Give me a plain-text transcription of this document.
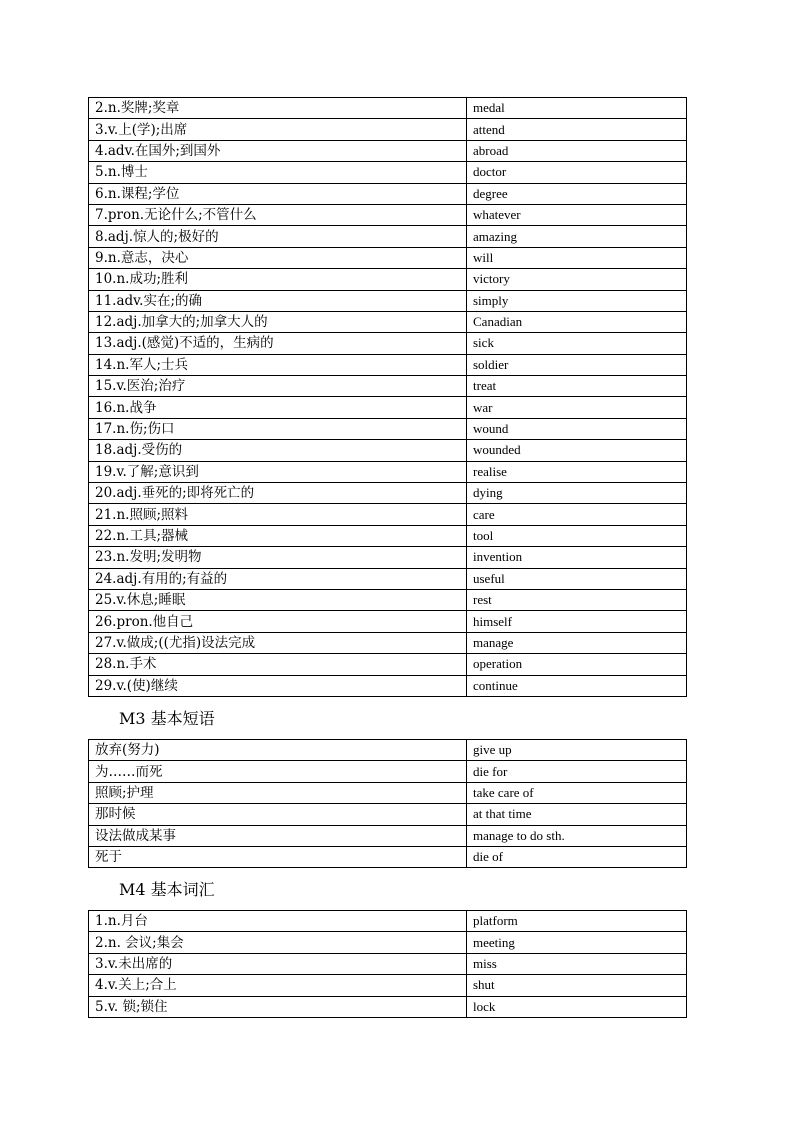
2.n.奖牌;奖章	medal
3.v.上(学);出席	attend
4.adv.在国外;到国外	abroad
5.n.博士	doctor
6.n.课程;学位	degree
7.pron.无论什么;不管什么	whatever
8.adj.惊人的;极好的	amazing
9.n.意志，决心	will
10.n.成功;胜利	victory
11.adv.实在;的确	simply
12.adj.加拿大的;加拿大人的	Canadian
13.adj.(感觉)不适的，生病的	sick
14.n.军人;士兵	soldier
15.v.医治;治疗	treat
16.n.战争	war
17.n.伤;伤口	wound
18.adj.受伤的	wounded
19.v.了解;意识到	realise
20.adj.垂死的;即将死亡的	dying
21.n.照顾;照料	care
22.n.工具;器械	tool
23.n.发明;发明物	invention
24.adj.有用的;有益的	useful
25.v.休息;睡眠	rest
26.pron.他自己	himself
27.v.做成;((尤指)设法完成	manage
28.n.手术	operation
29.v.(使)继续	continue
M3 基本短语
放弃(努力)	give up
为……而死	die for
照顾;护理	take care of
那时候	at that time
设法做成某事	manage to do sth.
死于	die of
M4 基本词汇
1.n.月台	platform
2.n. 会议;集会	meeting
3.v.未出席的	miss
4.v.关上;合上	shut
5.v. 锁;锁住	lock
